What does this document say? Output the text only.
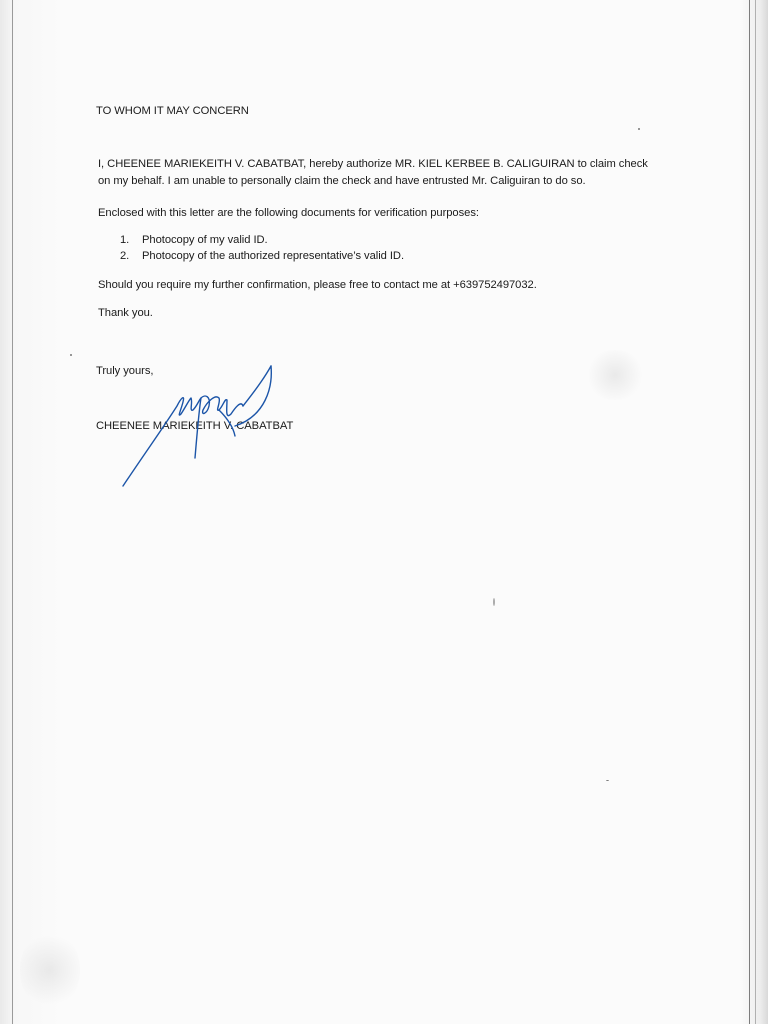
TO WHOM IT MAY CONCERN
I, CHEENEE MARIEKEITH V. CABATBAT, hereby authorize MR. KIEL KERBEE B. CALIGUIRAN to claim check
on my behalf. I am unable to personally claim the check and have entrusted Mr. Caliguiran to do so.
Enclosed with this letter are the following documents for verification purposes:
1. Photocopy of my valid ID.
2. Photocopy of the authorized representative’s valid ID.
Should you require my further confirmation, please free to contact me at +639752497032.
Thank you.
Truly yours,
CHEENEE MARIEKEITH V. CABATBAT
